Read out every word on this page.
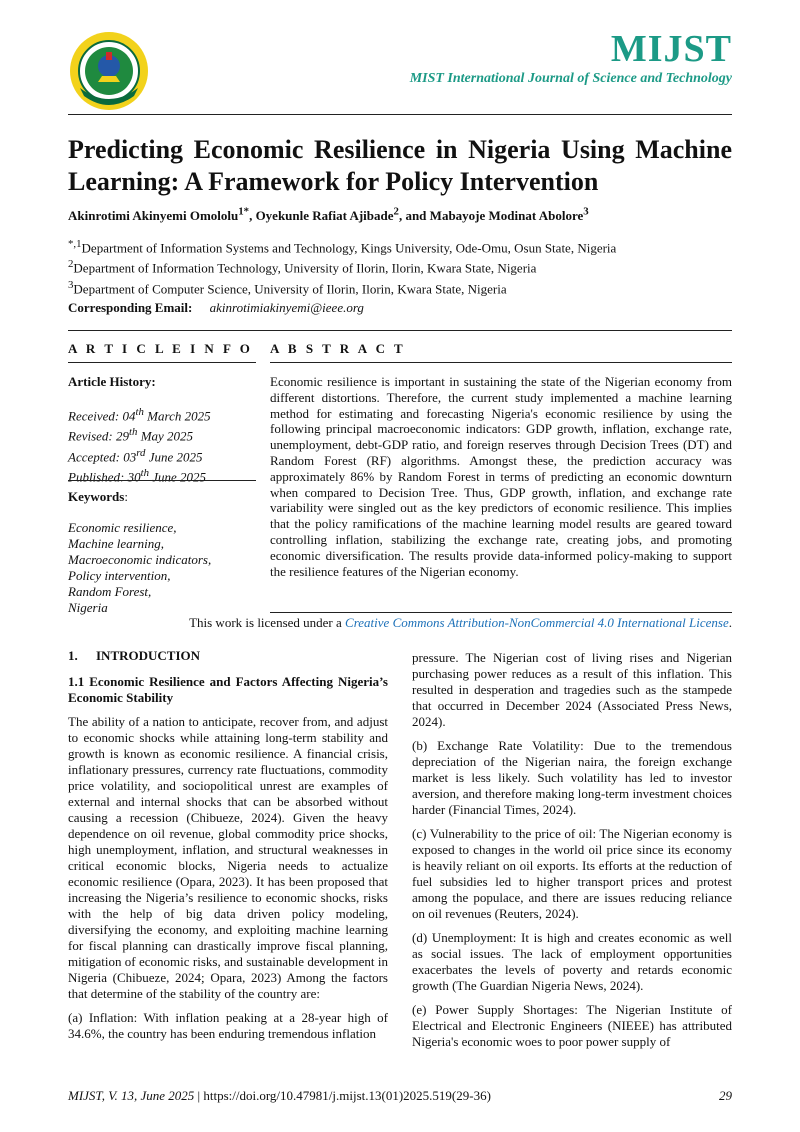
MIJST
MIST International Journal of Science and Technology
Predicting Economic Resilience in Nigeria Using Machine Learning: A Framework for Policy Intervention
Akinrotimi Akinyemi Omololu$^{1*}$, Oyekunle Rafiat Ajibade$^2$, and Mabayoje Modinat Abolore$^3$
$^{*,1}$Department of Information Systems and Technology, Kings University, Ode-Omu, Osun State, Nigeria
$^2$Department of Information Technology, University of Ilorin, Ilorin, Kwara State, Nigeria
$^3$Department of Computer Science, University of Ilorin, Ilorin, Kwara State, Nigeria
Corresponding Email: akinrotimiakinyemi@ieee.org
A R T I C L E I N F O
Article History:
Received: 04th March 2025
Revised: 29th May 2025
Accepted: 03rd June 2025
Published: 30th June 2025
Keywords:
Economic resilience,
Machine learning,
Macroeconomic indicators,
Policy intervention,
Random Forest,
Nigeria
A B S T R A C T
Economic resilience is important in sustaining the state of the Nigerian economy from different distortions. Therefore, the current study implemented a machine learning method for estimating and forecasting Nigeria's economic resilience by using the following principal macroeconomic indicators: GDP growth, inflation, exchange rate, unemployment, debt-GDP ratio, and foreign reserves through Decision Trees (DT) and Random Forest (RF) algorithms. Amongst these, the prediction accuracy was approximately 86% by Random Forest in terms of predicting an economic downturn when compared to Decision Tree. Thus, GDP growth, inflation, and exchange rate variability were singled out as the key predictors of economic resilience. This implies that the policy ramifications of the machine learning model results are geared toward controlling inflation, stabilizing the exchange rate, creating jobs, and promoting economic diversification. The results provide data-informed policy-making to support the resilience features of the Nigerian economy.
This work is licensed under a Creative Commons Attribution-NonCommercial 4.0 International License.

1. INTRODUCTION

1.1 Economic Resilience and Factors Affecting Nigeria’s Economic Stability

The ability of a nation to anticipate, recover from, and adjust to economic shocks while attaining long-term stability and growth is known as economic resilience. A financial crisis, inflationary pressures, currency rate fluctuations, commodity price volatility, and sociopolitical unrest are examples of external and internal shocks that can be absorbed without causing a recession (Chibueze, 2024). Given the heavy dependence on oil revenue, global commodity price shocks, high unemployment, inflation, and structural weaknesses in critical economic blocks, Nigeria needs to actualize economic resilience (Opara, 2023). It has been proposed that increasing the Nigeria’s resilience to economic shocks, risks with the help of big data driven policy modeling, diversifying the economy, and exploiting machine learning for fiscal planning can drastically improve fiscal planning, mitigation of economic risks, and sustainable development in Nigeria (Chibueze, 2024; Opara, 2023) Among the factors that determine of the stability of the country are:

(a) Inflation: With inflation peaking at a 28-year high of 34.6%, the country has been enduring tremendous inflation

pressure. The Nigerian cost of living rises and Nigerian purchasing power reduces as a result of this inflation. This resulted in desperation and tragedies such as the stampede that occurred in December 2024 (Associated Press News, 2024).

(b) Exchange Rate Volatility: Due to the tremendous depreciation of the Nigerian naira, the foreign exchange market is less likely. Such volatility has led to investor aversion, and therefore making long-term investment choices harder (Financial Times, 2024).

(c) Vulnerability to the price of oil: The Nigerian economy is exposed to changes in the world oil price since its economy is heavily reliant on oil exports. Its efforts at the reduction of fuel subsidies led to higher transport prices and protest among the populace, and there are issues reducing reliance on oil revenues (Reuters, 2024).

(d) Unemployment: It is high and creates economic as well as social issues. The lack of employment opportunities exacerbates the levels of poverty and retards economic growth (The Guardian Nigeria News, 2024).

(e) Power Supply Shortages: The Nigerian Institute of Electrical and Electronic Engineers (NIEEE) has attributed Nigeria's economic woes to poor power supply of

MIJST, V. 13, June 2025 | https://doi.org/10.47981/j.mijst.13(01)2025.519(29-36)	29
